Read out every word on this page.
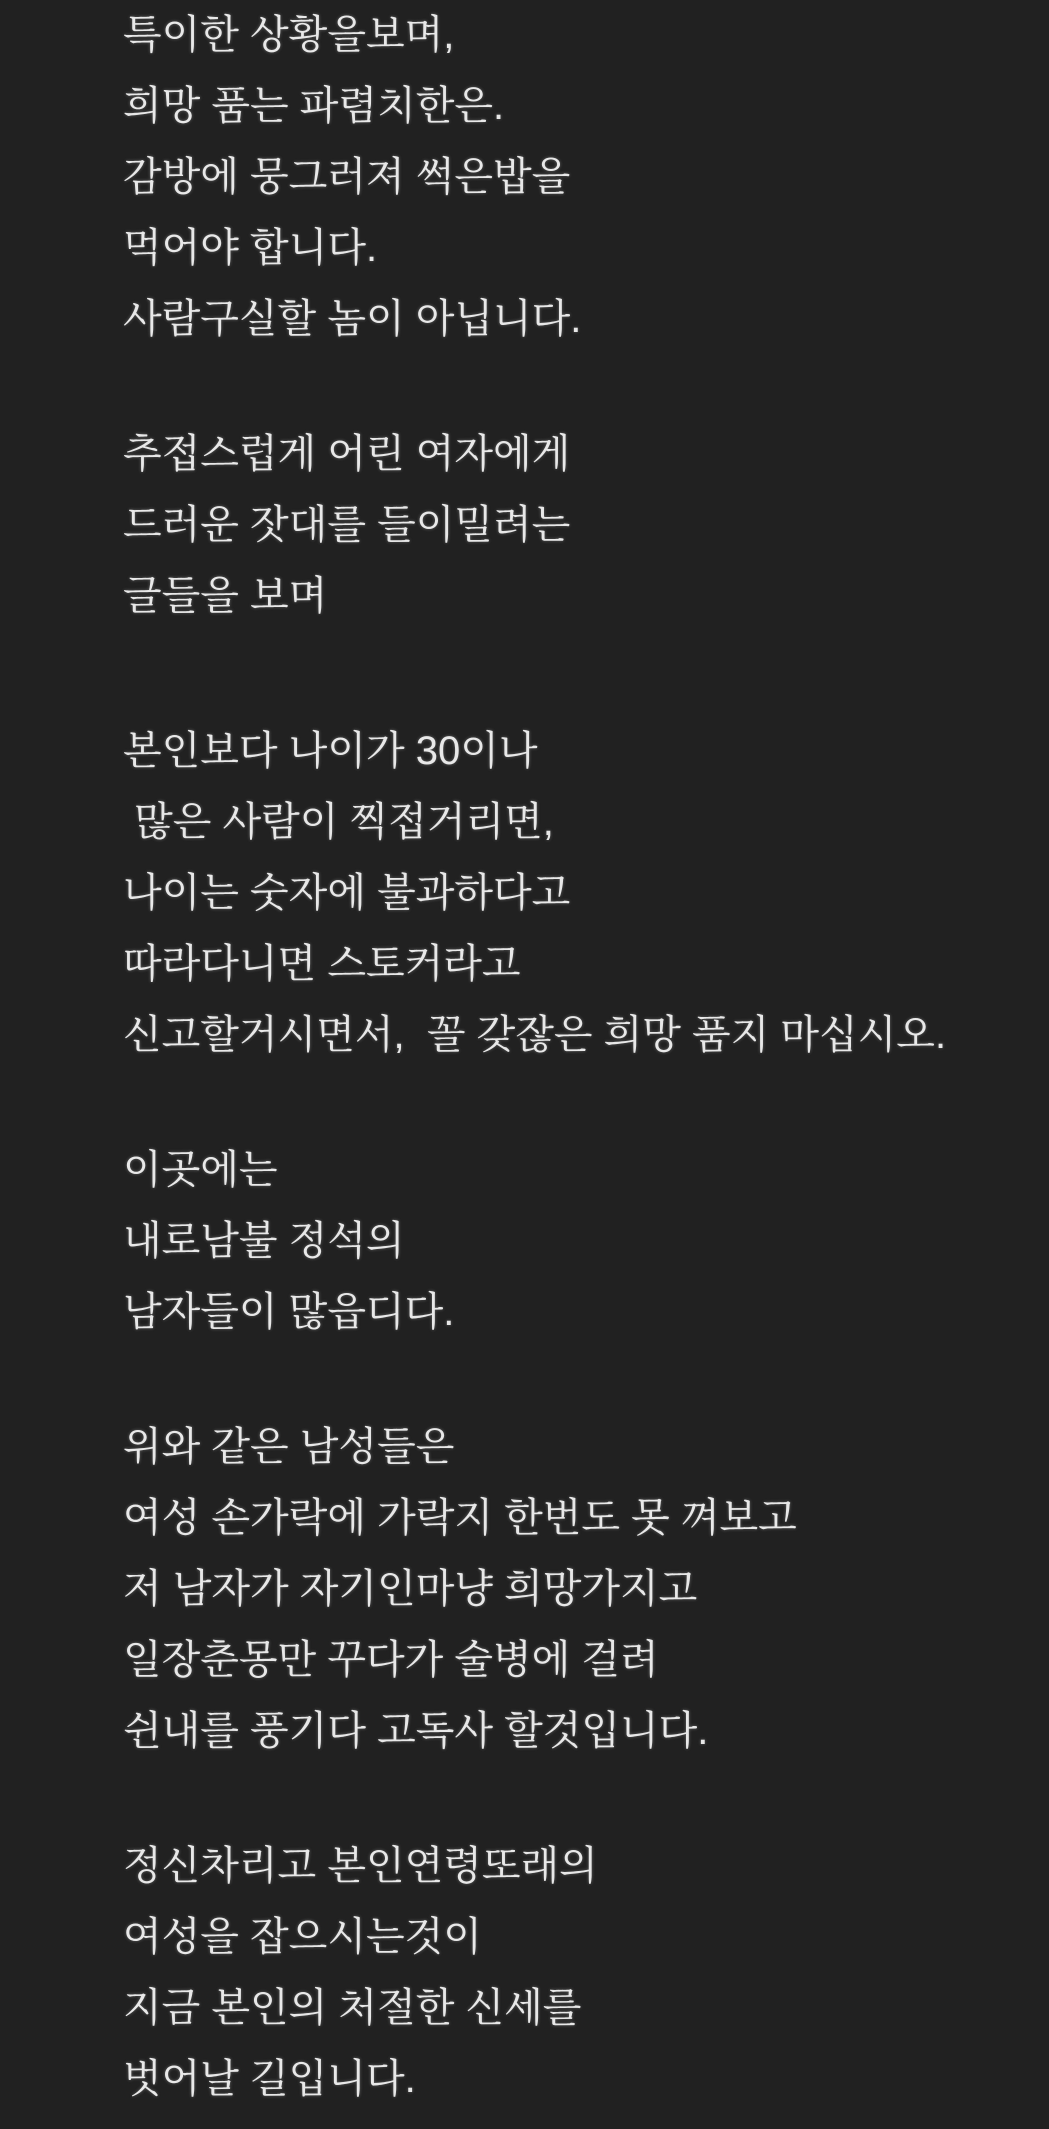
특이한 상황을보며,
희망 품는 파렴치한은.
감방에 뭉그러져 썩은밥을
먹어야 합니다.
사람구실할 놈이 아닙니다.
추접스럽게 어린 여자에게
드러운 잣대를 들이밀려는
글들을 보며
본인보다 나이가 30이나
많은 사람이 찍접거리면,
나이는 숫자에 불과하다고
따라다니면 스토커라고
신고할거시면서,  꼴 갖잖은 희망 품지 마십시오.
이곳에는
내로남불 정석의
남자들이 많읍디다.
위와 같은 남성들은
여성 손가락에 가락지 한번도 못 껴보고
저 남자가 자기인마냥 희망가지고
일장춘몽만 꾸다가 술병에 걸려
쉰내를 풍기다 고독사 할것입니다.
정신차리고 본인연령또래의
여성을 잡으시는것이
지금 본인의 처절한 신세를
벗어날 길입니다.
